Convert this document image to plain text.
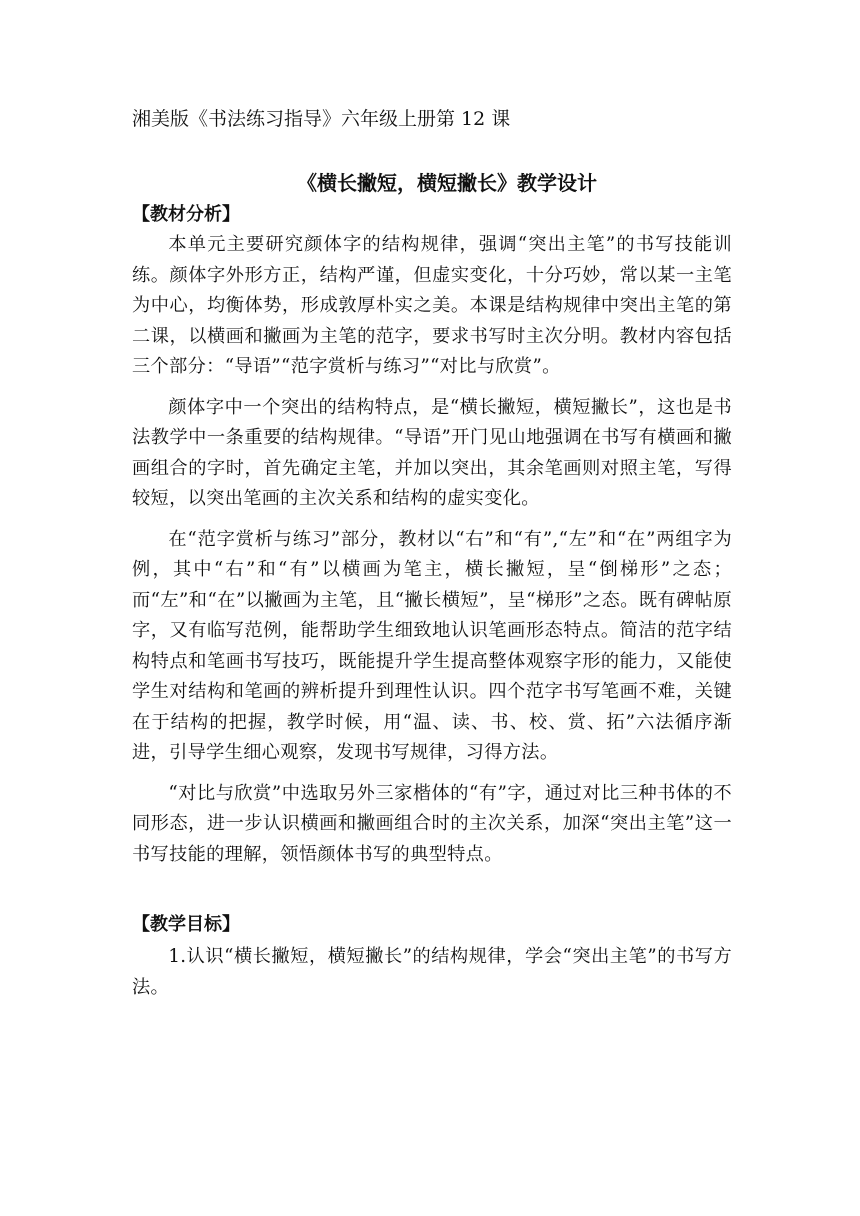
湘美版《书法练习指导》六年级上册第 12 课

《横长撇短，横短撇长》教学设计
【教材分析】

本单元主要研究颜体字的结构规律，强调“突出主笔”的书写技能训练。颜体字外形方正，结构严谨，但虚实变化，十分巧妙，常以某一主笔为中心，均衡体势，形成敦厚朴实之美。本课是结构规律中突出主笔的第二课，以横画和撇画为主笔的范字，要求书写时主次分明。教材内容包括三个部分：“导语”“范字赏析与练习”“对比与欣赏”。

颜体字中一个突出的结构特点，是“横长撇短，横短撇长”，这也是书法教学中一条重要的结构规律。“导语”开门见山地强调在书写有横画和撇画组合的字时，首先确定主笔，并加以突出，其余笔画则对照主笔，写得较短，以突出笔画的主次关系和结构的虚实变化。

在“范字赏析与练习”部分，教材以“右”和“有”,“左”和“在”两组字为例，其中“右”和“有”以横画为笔主，横长撇短，呈“倒梯形”之态；而“左”和“在”以撇画为主笔，且“撇长横短”，呈“梯形”之态。既有碑帖原字，又有临写范例，能帮助学生细致地认识笔画形态特点。简洁的范字结构特点和笔画书写技巧，既能提升学生提高整体观察字形的能力，又能使学生对结构和笔画的辨析提升到理性认识。四个范字书写笔画不难，关键在于结构的把握，教学时候，用“温、读、书、校、赏、拓”六法循序渐进，引导学生细心观察，发现书写规律，习得方法。

“对比与欣赏”中选取另外三家楷体的“有”字，通过对比三种书体的不同形态，进一步认识横画和撇画组合时的主次关系，加深“突出主笔”这一书写技能的理解，领悟颜体书写的典型特点。

【教学目标】

1.认识“横长撇短，横短撇长”的结构规律，学会“突出主笔”的书写方法。
